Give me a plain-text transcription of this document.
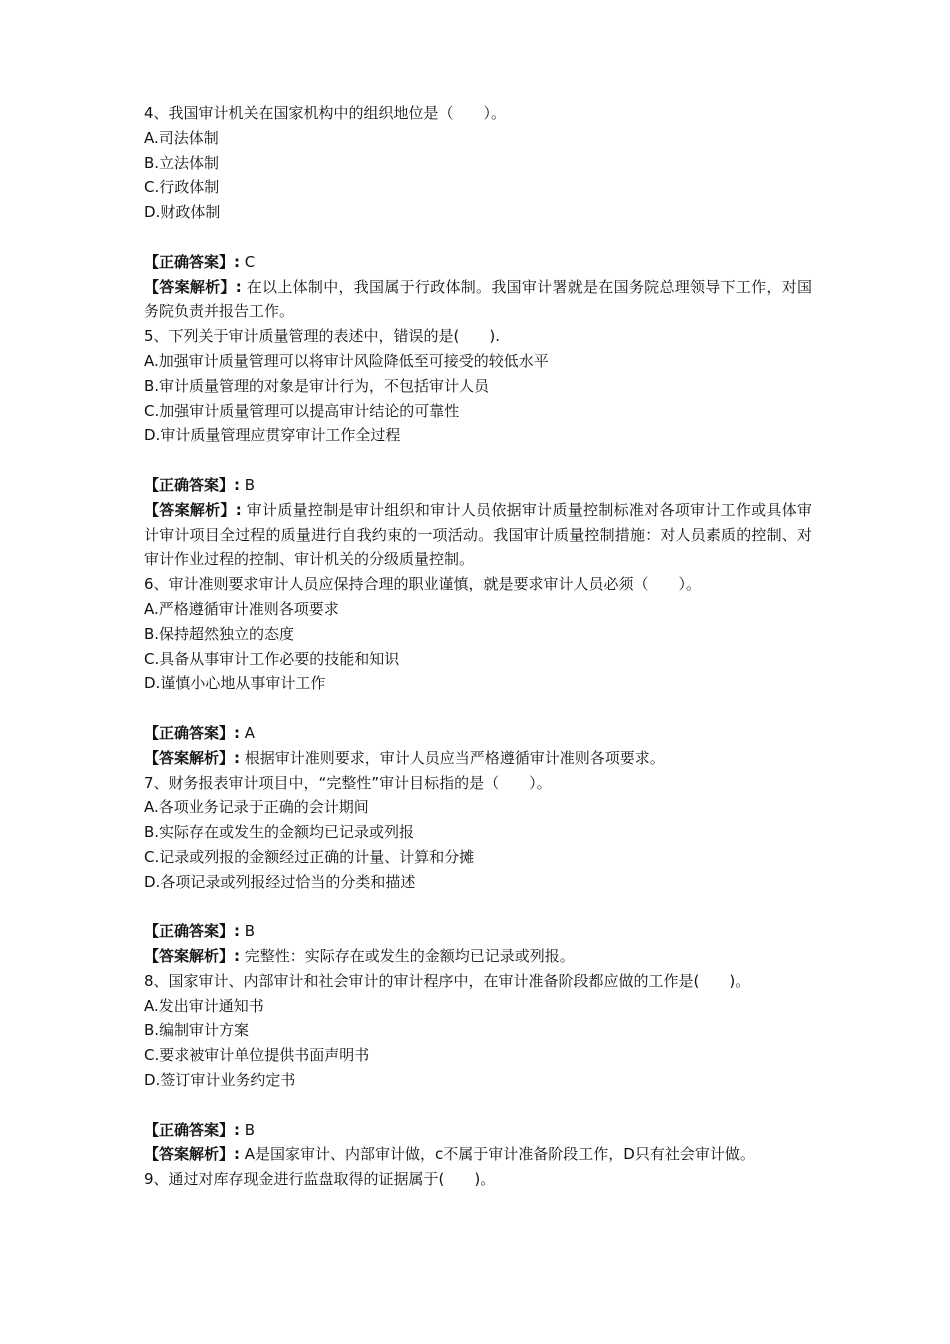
4、我国审计机关在国家机构中的组织地位是（　　）。
A.司法体制
B.立法体制
C.行政体制
D.财政体制
【正确答案】: C
【答案解析】: 在以上体制中，我国属于行政体制。我国审计署就是在国务院总理领导下工作，对国务院负责并报告工作。
5、下列关于审计质量管理的表述中，错误的是(　　).
A.加强审计质量管理可以将审计风险降低至可接受的较低水平
B.审计质量管理的对象是审计行为，不包括审计人员
C.加强审计质量管理可以提高审计结论的可靠性
D.审计质量管理应贯穿审计工作全过程
【正确答案】: B
【答案解析】: 审计质量控制是审计组织和审计人员依据审计质量控制标准对各项审计工作或具体审计审计项目全过程的质量进行自我约束的一项活动。我国审计质量控制措施：对人员素质的控制、对审计作业过程的控制、审计机关的分级质量控制。
6、审计准则要求审计人员应保持合理的职业谨慎，就是要求审计人员必须（　　）。
A.严格遵循审计准则各项要求
B.保持超然独立的态度
C.具备从事审计工作必要的技能和知识
D.谨慎小心地从事审计工作
【正确答案】: A
【答案解析】: 根据审计准则要求，审计人员应当严格遵循审计准则各项要求。
7、财务报表审计项目中，“完整性”审计目标指的是（　　）。
A.各项业务记录于正确的会计期间
B.实际存在或发生的金额均已记录或列报
C.记录或列报的金额经过正确的计量、计算和分摊
D.各项记录或列报经过恰当的分类和描述
【正确答案】: B
【答案解析】: 完整性：实际存在或发生的金额均已记录或列报。
8、国家审计、内部审计和社会审计的审计程序中，在审计准备阶段都应做的工作是(　　)。
A.发出审计通知书
B.编制审计方案
C.要求被审计单位提供书面声明书
D.签订审计业务约定书
【正确答案】: B
【答案解析】: A是国家审计、内部审计做，c不属于审计准备阶段工作，D只有社会审计做。
9、通过对库存现金进行监盘取得的证据属于(　　)。
